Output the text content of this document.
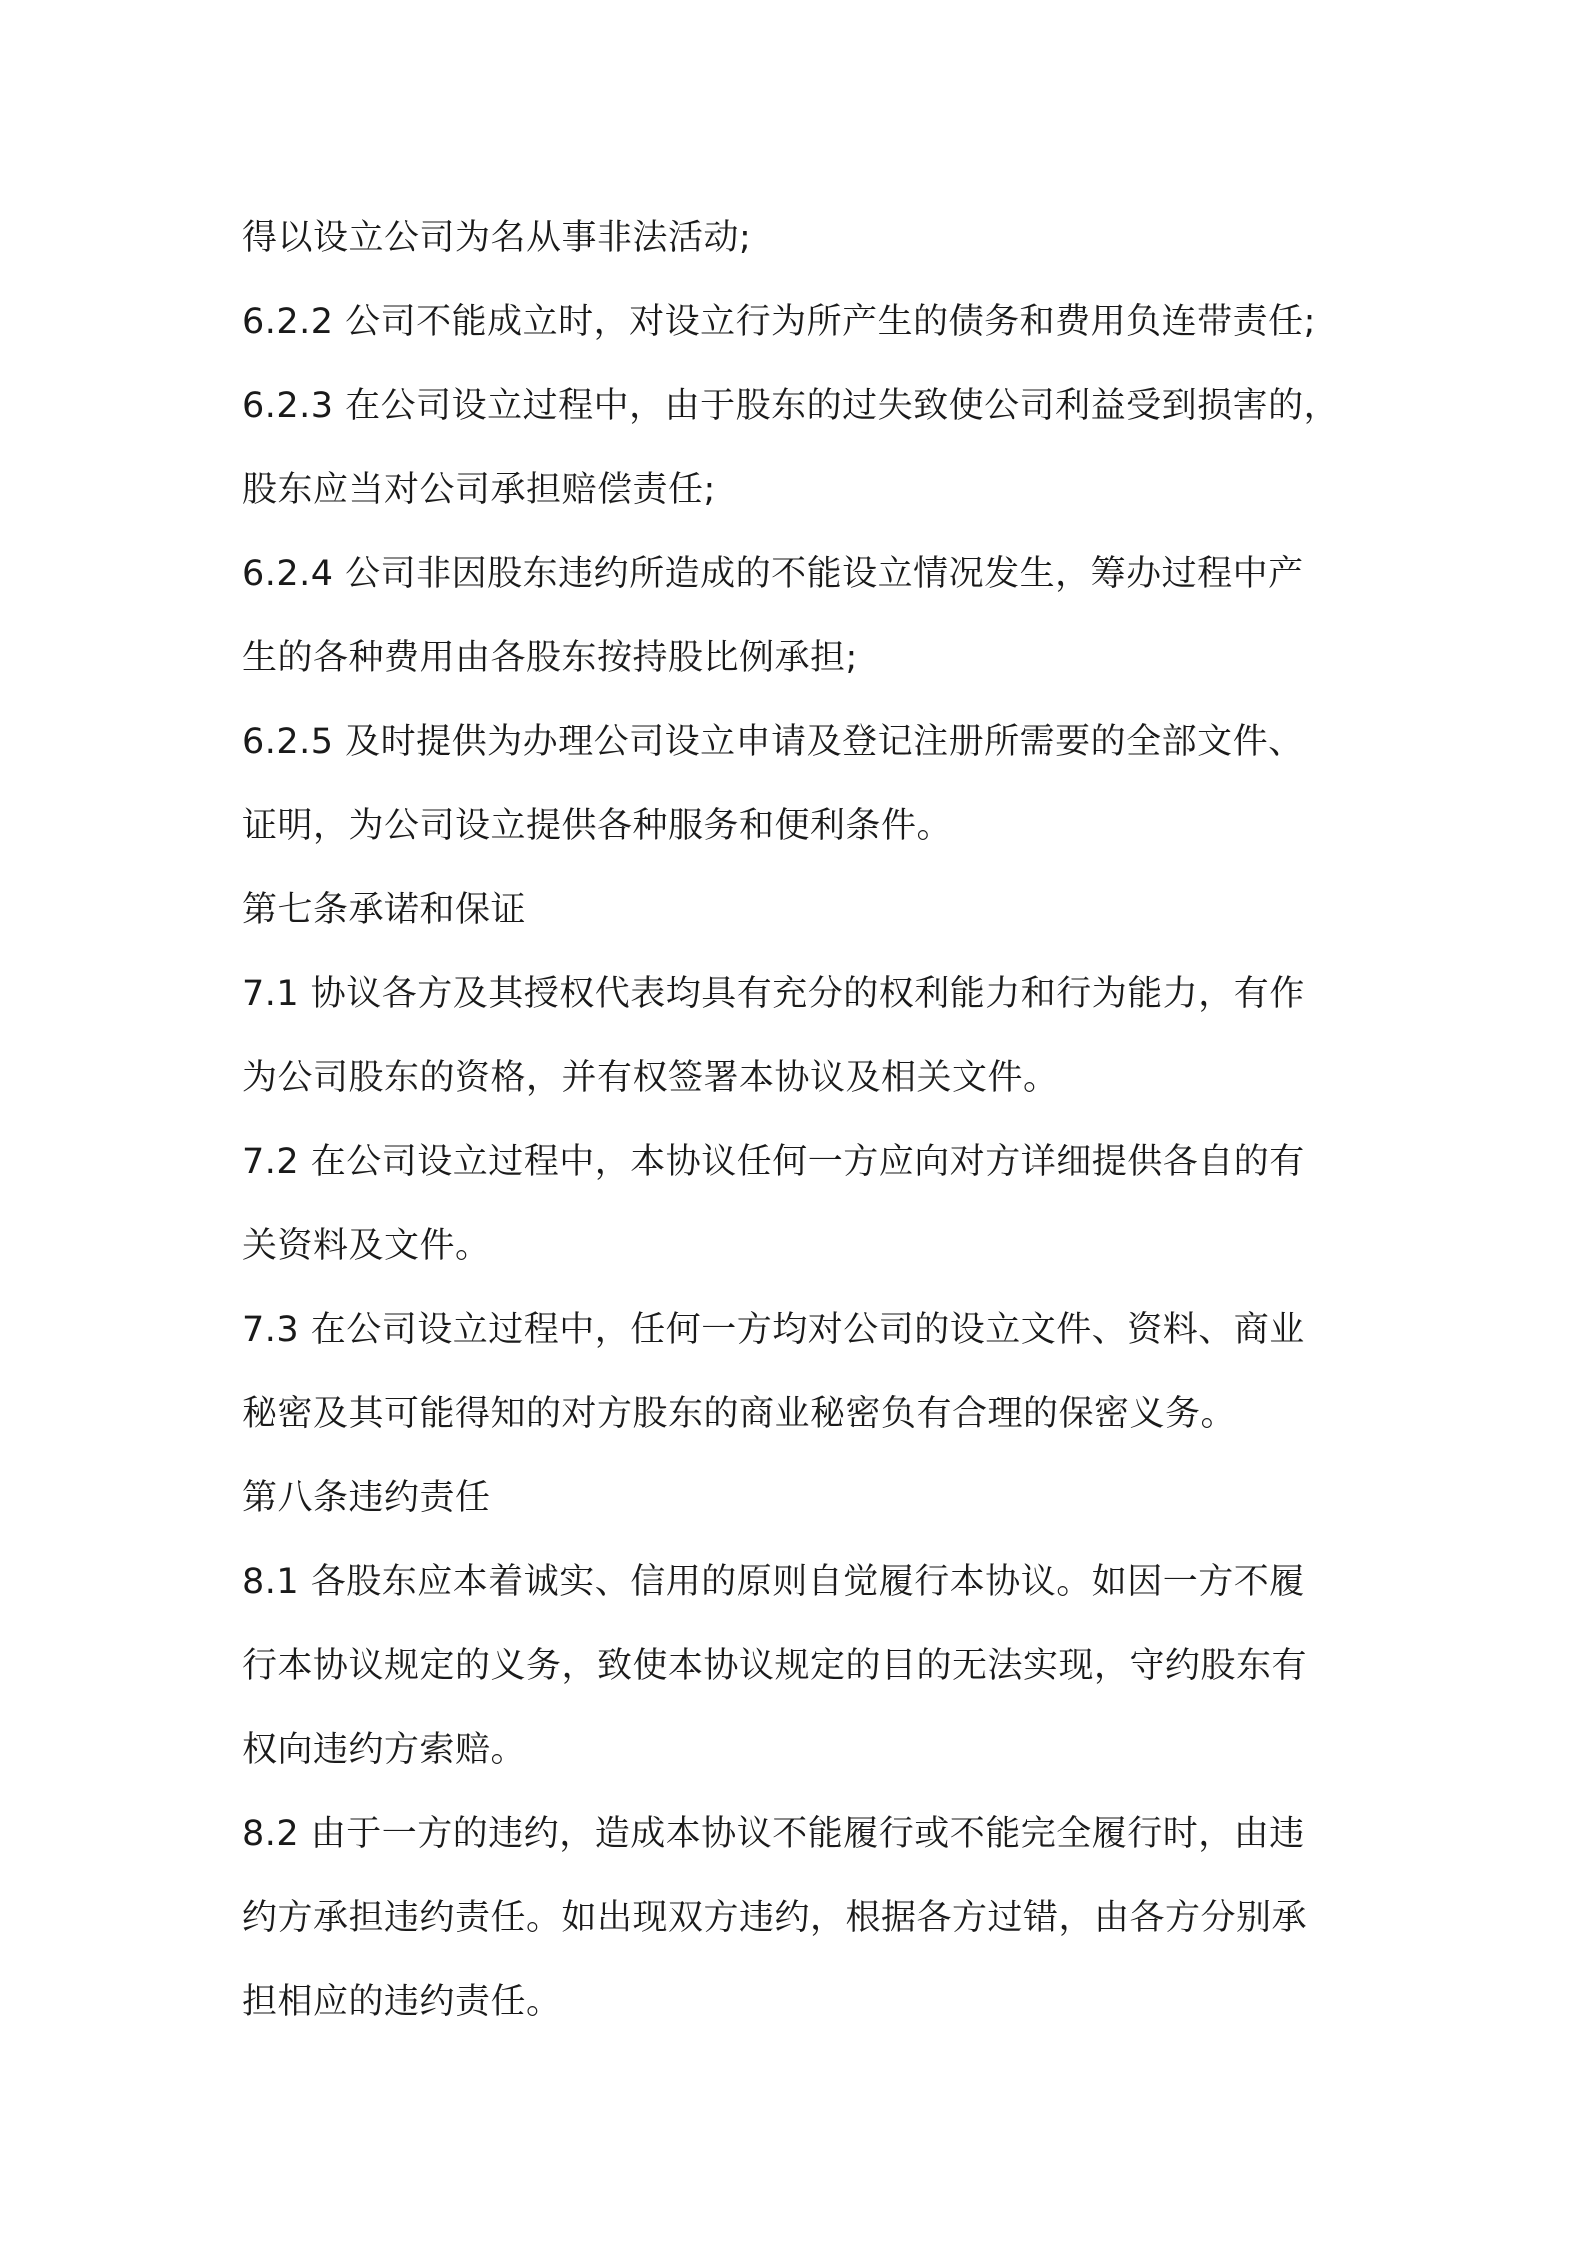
得以设立公司为名从事非法活动;
6.2.2 公司不能成立时，对设立行为所产生的债务和费用负连带责任;
6.2.3 在公司设立过程中，由于股东的过失致使公司利益受到损害的，
股东应当对公司承担赔偿责任;
6.2.4 公司非因股东违约所造成的不能设立情况发生，筹办过程中产
生的各种费用由各股东按持股比例承担;
6.2.5 及时提供为办理公司设立申请及登记注册所需要的全部文件、
证明，为公司设立提供各种服务和便利条件。
第七条承诺和保证
7.1 协议各方及其授权代表均具有充分的权利能力和行为能力，有作
为公司股东的资格，并有权签署本协议及相关文件。
7.2 在公司设立过程中，本协议任何一方应向对方详细提供各自的有
关资料及文件。
7.3 在公司设立过程中，任何一方均对公司的设立文件、资料、商业
秘密及其可能得知的对方股东的商业秘密负有合理的保密义务。
第八条违约责任
8.1 各股东应本着诚实、信用的原则自觉履行本协议。如因一方不履
行本协议规定的义务，致使本协议规定的目的无法实现，守约股东有
权向违约方索赔。
8.2 由于一方的违约，造成本协议不能履行或不能完全履行时，由违
约方承担违约责任。如出现双方违约，根据各方过错，由各方分别承
担相应的违约责任。
